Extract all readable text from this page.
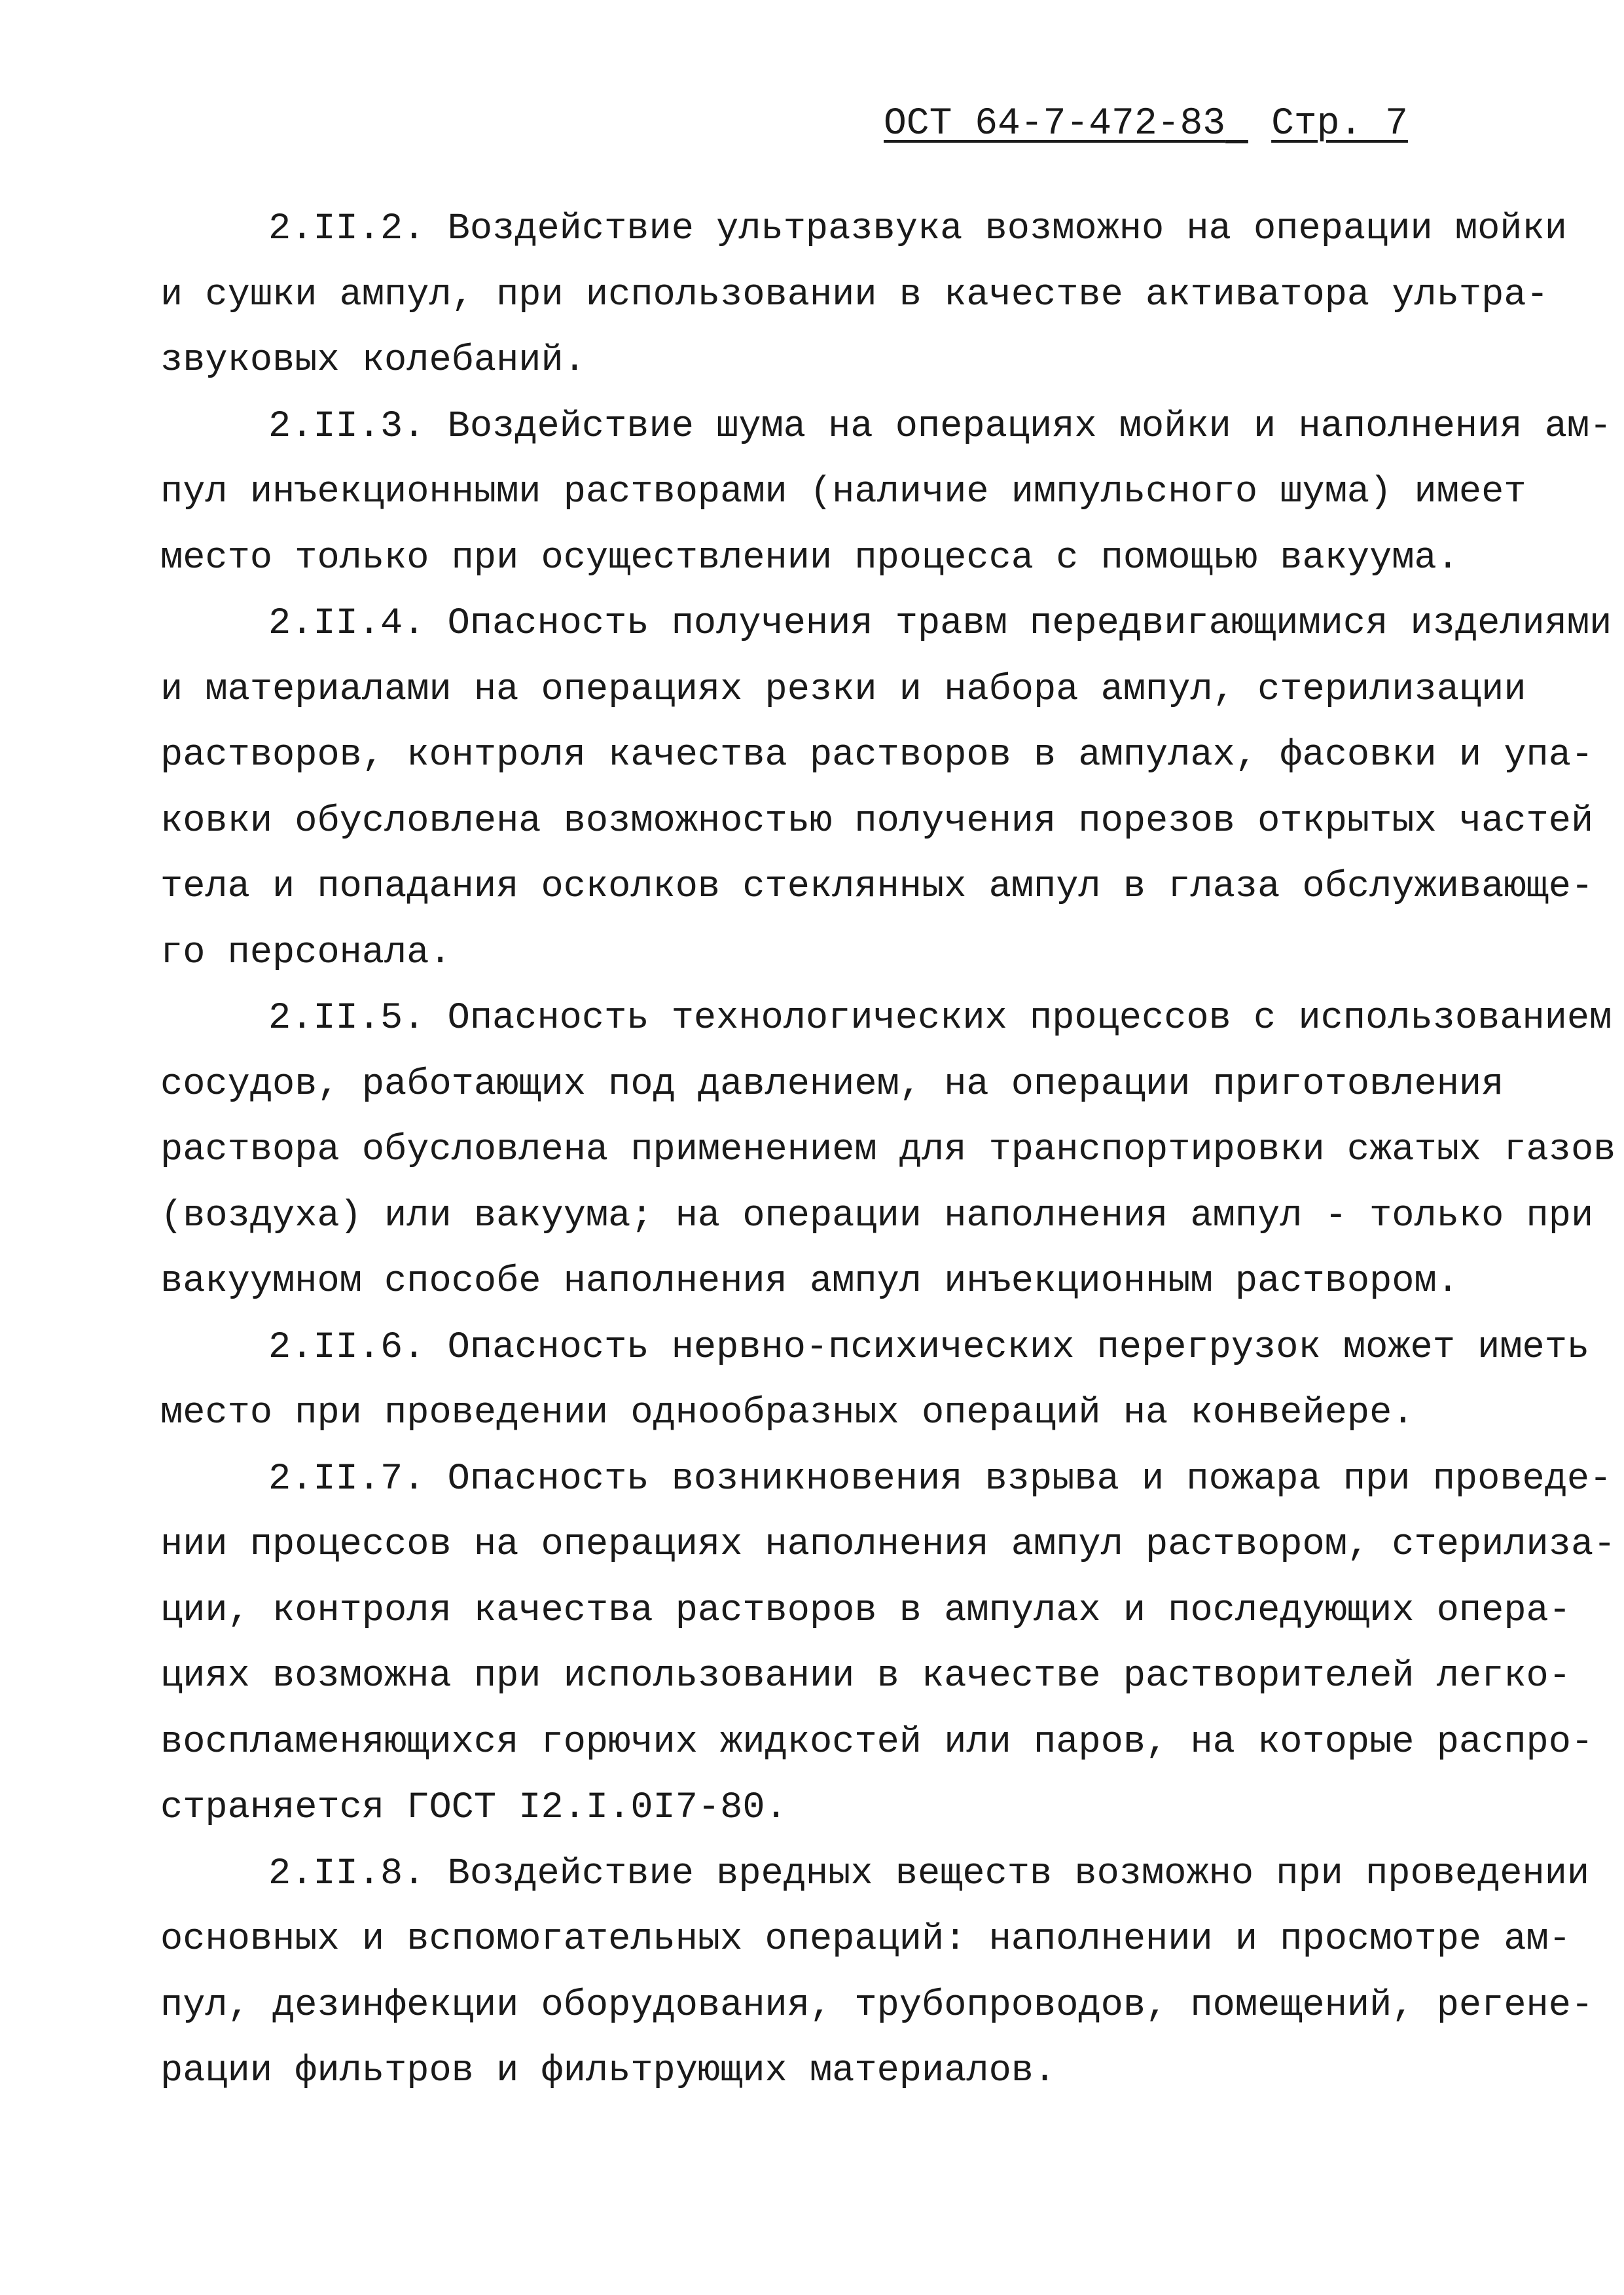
ОСТ 64-7-472-83 Стр. 7
2.II.2. Воздействие ультразвука возможно на операции мойки
и сушки ампул, при использовании в качестве активатора ультра-
звуковых колебаний.
2.II.3. Воздействие шума на операциях мойки и наполнения ам-
пул инъекционными растворами (наличие импульсного шума) имеет
место только при осуществлении процесса с помощью вакуума.
2.II.4. Опасность получения травм передвигающимися изделиями
и материалами на операциях резки и набора ампул, стерилизации
растворов, контроля качества растворов в ампулах, фасовки и упа-
ковки обусловлена возможностью получения порезов открытых частей
тела и попадания осколков стеклянных ампул в глаза обслуживающе-
го персонала.
2.II.5. Опасность технологических процессов с использованием
сосудов, работающих под давлением, на операции приготовления
раствора обусловлена применением для транспортировки сжатых газов
(воздуха) или вакуума; на операции наполнения ампул - только при
вакуумном способе наполнения ампул инъекционным раствором.
2.II.6. Опасность нервно-психических перегрузок может иметь
место при проведении однообразных операций на конвейере.
2.II.7. Опасность возникновения взрыва и пожара при проведе-
нии процессов на операциях наполнения ампул раствором, стерилиза-
ции, контроля качества растворов в ампулах и последующих опера-
циях возможна при использовании в качестве растворителей легко-
воспламеняющихся горючих жидкостей или паров, на которые распро-
страняется ГОСТ I2.I.0I7-80.
2.II.8. Воздействие вредных веществ возможно при проведении
основных и вспомогательных операций: наполнении и просмотре ам-
пул, дезинфекции оборудования, трубопроводов, помещений, регене-
рации фильтров и фильтрующих материалов.
